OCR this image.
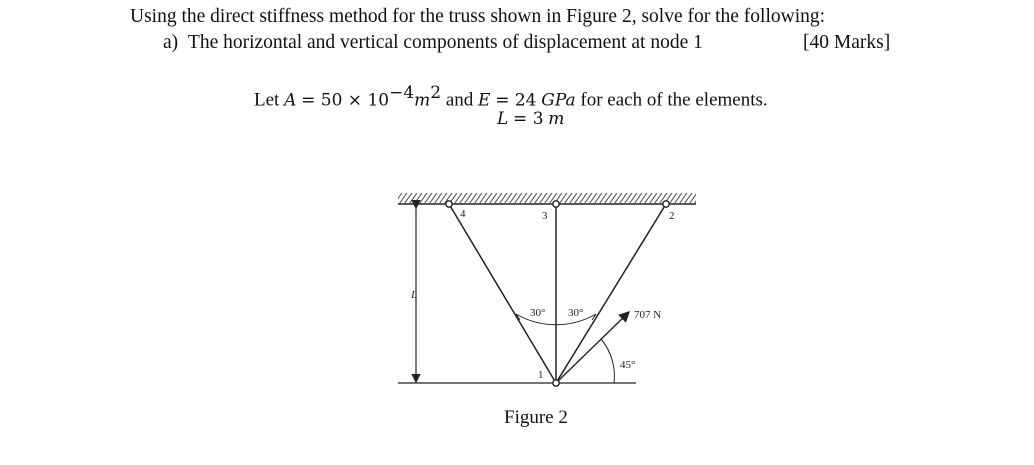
Using the direct stiffness method for the truss shown in Figure 2, solve for the following:
a) The horizontal and vertical components of displacement at node 1	[40 Marks]
Let $A = 50 \times 10^{-4}m^2$ and E = 24 GPa for each of the elements.
L = 3 m
4	3	2
1
L
30° 30°	707 N
45°
Figure 2
